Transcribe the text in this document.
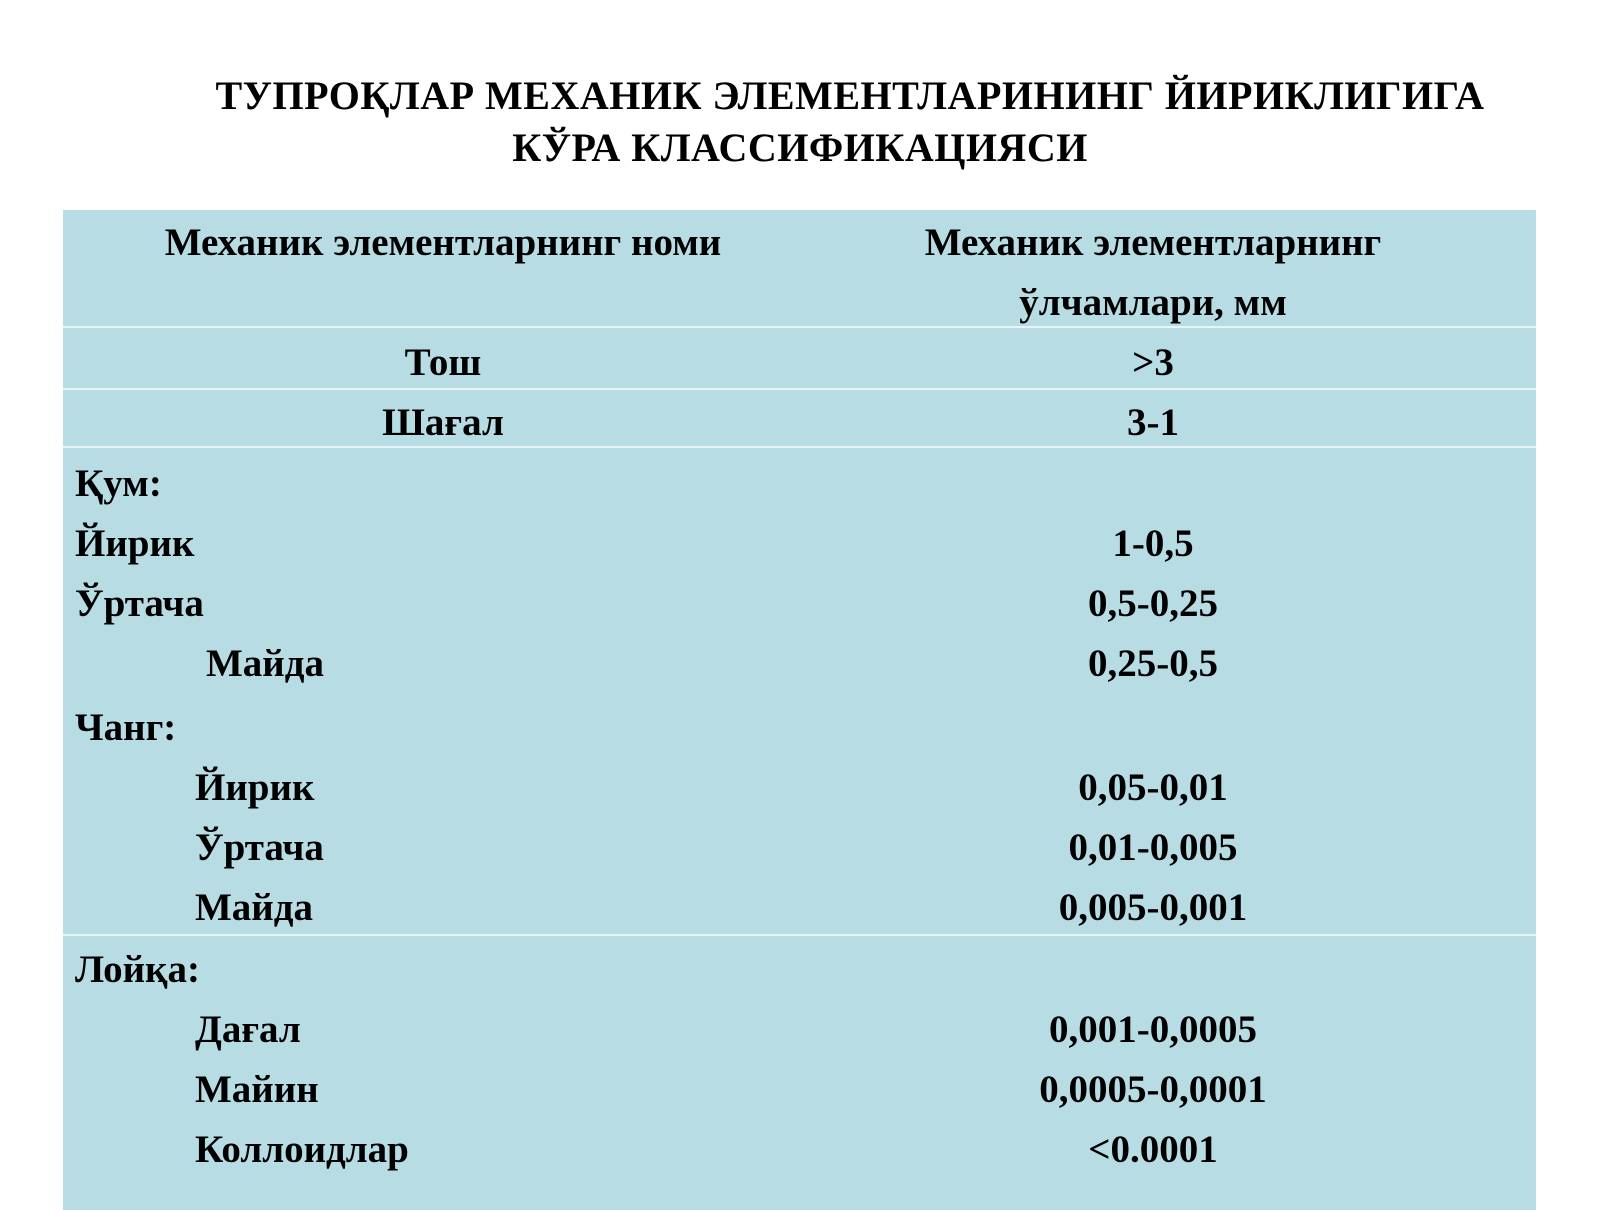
ТУПРОҚЛАР МЕХАНИК ЭЛЕМЕНТЛАРИНИНГ ЙИРИКЛИГИГА
КЎРА КЛАССИФИКАЦИЯСИ
Механик элементларнинг номи	Механик элементларнинг
ўлчамлари, мм
Тош	>3
Шағал	3-1
Қум:
Йирик	1-0,5
Ўртача	0,5-0,25
Майда	0,25-0,5
Чанг:
Йирик	0,05-0,01
Ўртача	0,01-0,005
Майда	0,005-0,001
Лойқа:
Дағал	0,001-0,0005
Майин	0,0005-0,0001
Коллоидлар	<0.0001
